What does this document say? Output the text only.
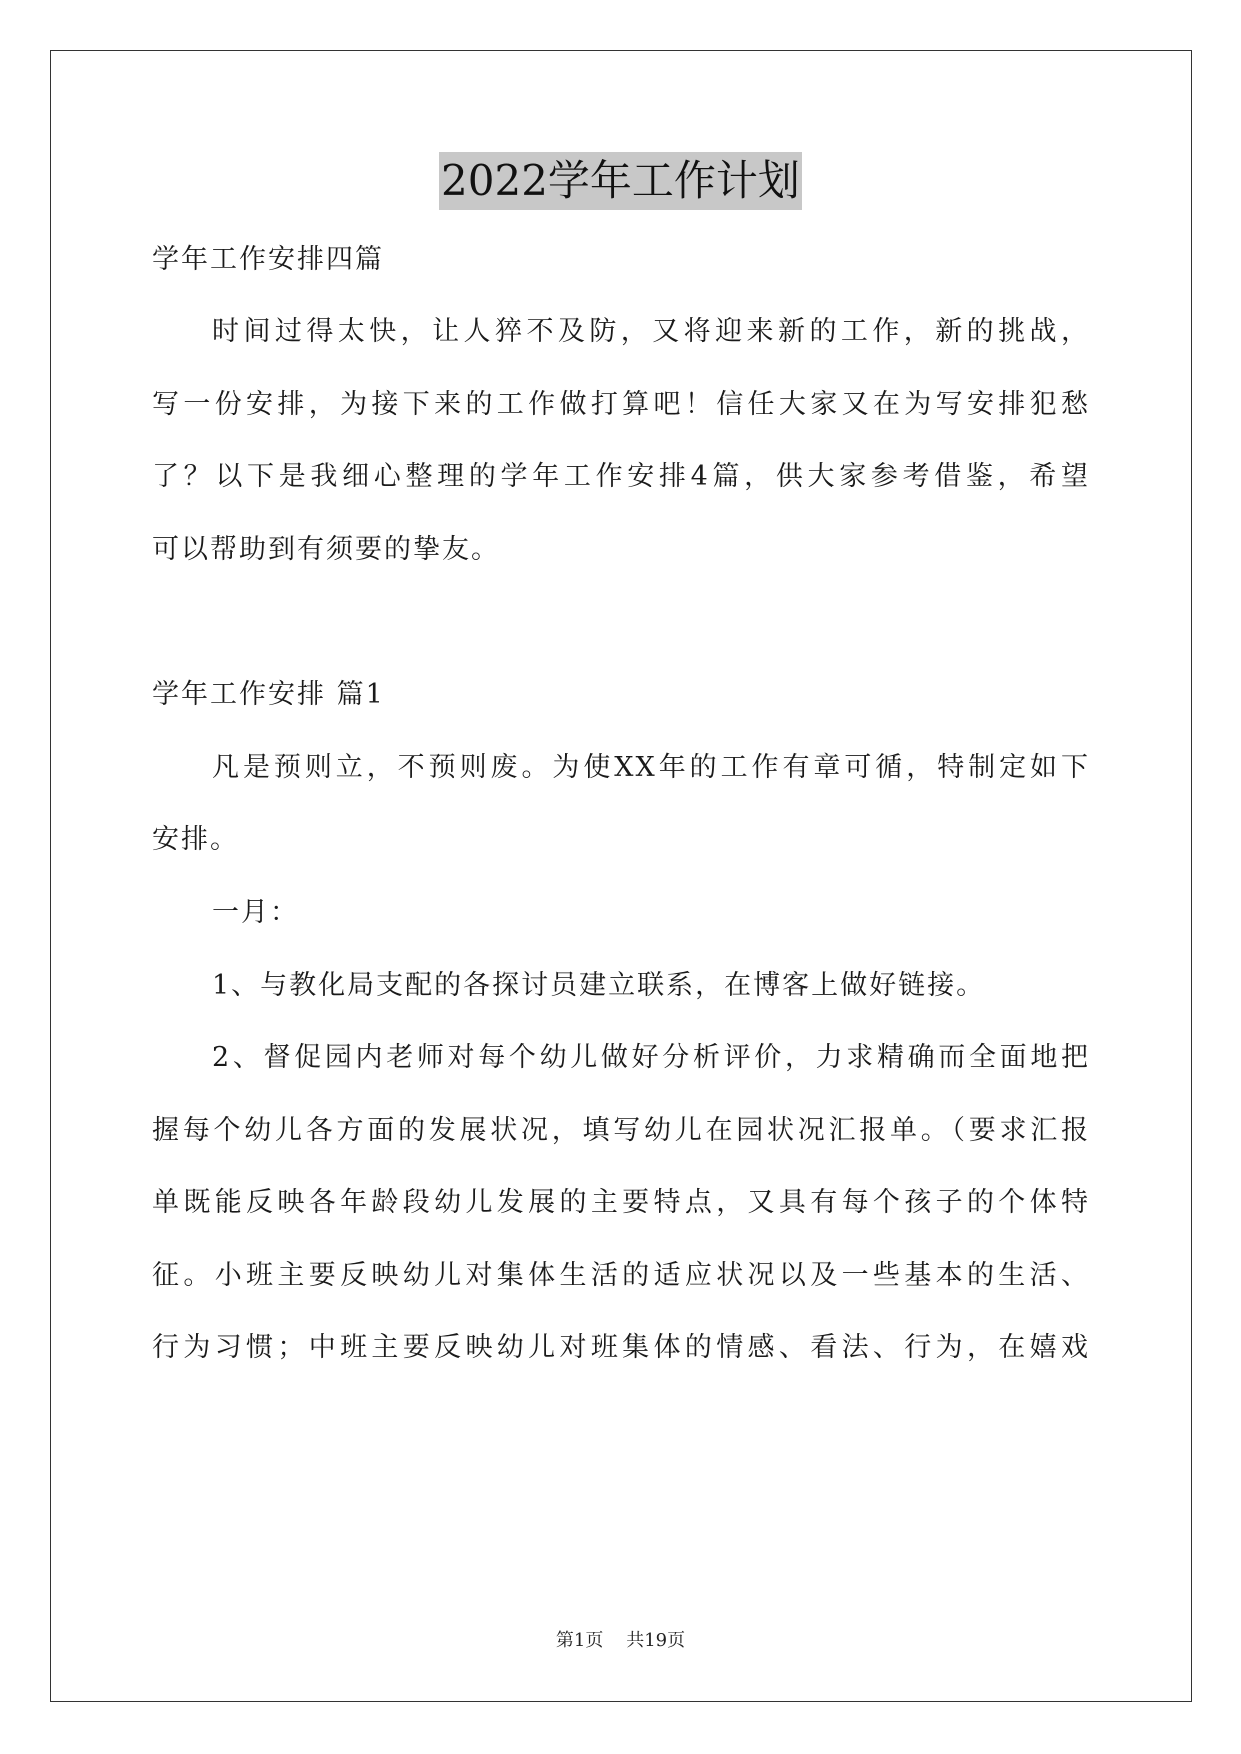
2022学年工作计划
学年工作安排四篇
时间过得太快，让人猝不及防，又将迎来新的工作，新的挑战，
写一份安排，为接下来的工作做打算吧！信任大家又在为写安排犯愁
了？以下是我细心整理的学年工作安排4篇，供大家参考借鉴，希望
可以帮助到有须要的挚友。
学年工作安排 篇1
凡是预则立，不预则废。为使XX年的工作有章可循，特制定如下
安排。
一月：
1、与教化局支配的各探讨员建立联系，在博客上做好链接。
2、督促园内老师对每个幼儿做好分析评价，力求精确而全面地把
握每个幼儿各方面的发展状况，填写幼儿在园状况汇报单。（要求汇报
单既能反映各年龄段幼儿发展的主要特点，又具有每个孩子的个体特
征。小班主要反映幼儿对集体生活的适应状况以及一些基本的生活、
行为习惯；中班主要反映幼儿对班集体的情感、看法、行为，在嬉戏
第1页 共19页
